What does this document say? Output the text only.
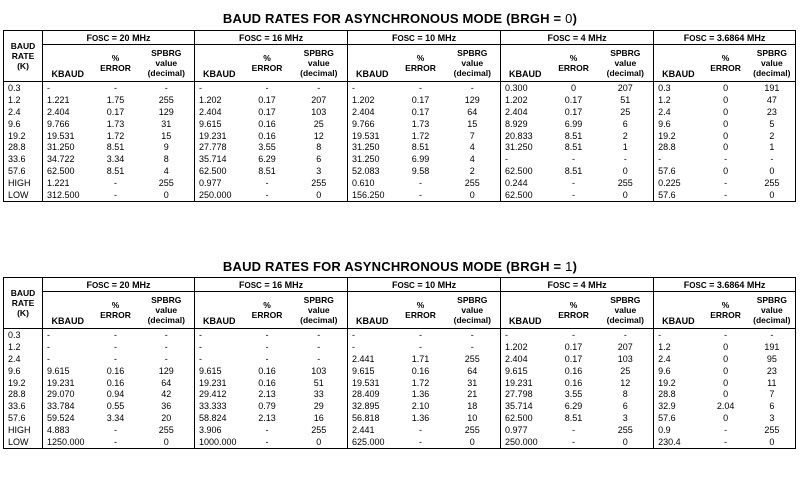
BAUD RATES FOR ASYNCHRONOUS MODE (BRGH = 0)
BAUD
RATE
(K)	FOSC = 20 MHz			FOSC = 16 MHz			FOSC = 10 MHz			FOSC = 4 MHz			FOSC = 3.6864 MHz		
	KBAUD	%
ERROR	SPBRG
value
(decimal)	KBAUD	%
ERROR	SPBRG
value
(decimal)	KBAUD	%
ERROR	SPBRG
value
(decimal)	KBAUD	%
ERROR	SPBRG
value
(decimal)	KBAUD	%
ERROR	SPBRG
value
(decimal)
0.3	-	-	-	-	-	-	-	-	-	0.300	0	207	0.3	0	191
1.2	1.221	1.75	255	1.202	0.17	207	1.202	0.17	129	1.202	0.17	51	1.2	0	47
2.4	2.404	0.17	129	2.404	0.17	103	2.404	0.17	64	2.404	0.17	25	2.4	0	23
9.6	9.766	1.73	31	9.615	0.16	25	9.766	1.73	15	8.929	6.99	6	9.6	0	5
19.2	19.531	1.72	15	19.231	0.16	12	19.531	1.72	7	20.833	8.51	2	19.2	0	2
28.8	31.250	8.51	9	27.778	3.55	8	31.250	8.51	4	31.250	8.51	1	28.8	0	1
33.6	34.722	3.34	8	35.714	6.29	6	31.250	6.99	4	-	-	-	-	-	-
57.6	62.500	8.51	4	62.500	8.51	3	52.083	9.58	2	62.500	8.51	0	57.6	0	0
HIGH	1.221	-	255	0.977	-	255	0.610	-	255	0.244	-	255	0.225	-	255
LOW	312.500	-	0	250.000	-	0	156.250	-	0	62.500	-	0	57.6	-	0
BAUD RATES FOR ASYNCHRONOUS MODE (BRGH = 1)
BAUD
RATE
(K)	FOSC = 20 MHz			FOSC = 16 MHz			FOSC = 10 MHz			FOSC = 4 MHz			FOSC = 3.6864 MHz		
	KBAUD	%
ERROR	SPBRG
value
(decimal)	KBAUD	%
ERROR	SPBRG
value
(decimal)	KBAUD	%
ERROR	SPBRG
value
(decimal)	KBAUD	%
ERROR	SPBRG
value
(decimal)	KBAUD	%
ERROR	SPBRG
value
(decimal)
0.3	-	-	-	-	-	-	-	-	-	-	-	-	-	-	-
1.2	-	-	-	-	-	-	-	-	-	1.202	0.17	207	1.2	0	191
2.4	-	-	-	-	-	-	2.441	1.71	255	2.404	0.17	103	2.4	0	95
9.6	9.615	0.16	129	9.615	0.16	103	9.615	0.16	64	9.615	0.16	25	9.6	0	23
19.2	19.231	0.16	64	19.231	0.16	51	19.531	1.72	31	19.231	0.16	12	19.2	0	11
28.8	29.070	0.94	42	29.412	2.13	33	28.409	1.36	21	27.798	3.55	8	28.8	0	7
33.6	33.784	0.55	36	33.333	0.79	29	32.895	2.10	18	35.714	6.29	6	32.9	2.04	6
57.6	59.524	3.34	20	58.824	2.13	16	56.818	1.36	10	62.500	8.51	3	57.6	0	3
HIGH	4.883	-	255	3.906	-	255	2.441	-	255	0.977	-	255	0.9	-	255
LOW	1250.000	-	0	1000.000	-	0	625.000	-	0	250.000	-	0	230.4	-	0
